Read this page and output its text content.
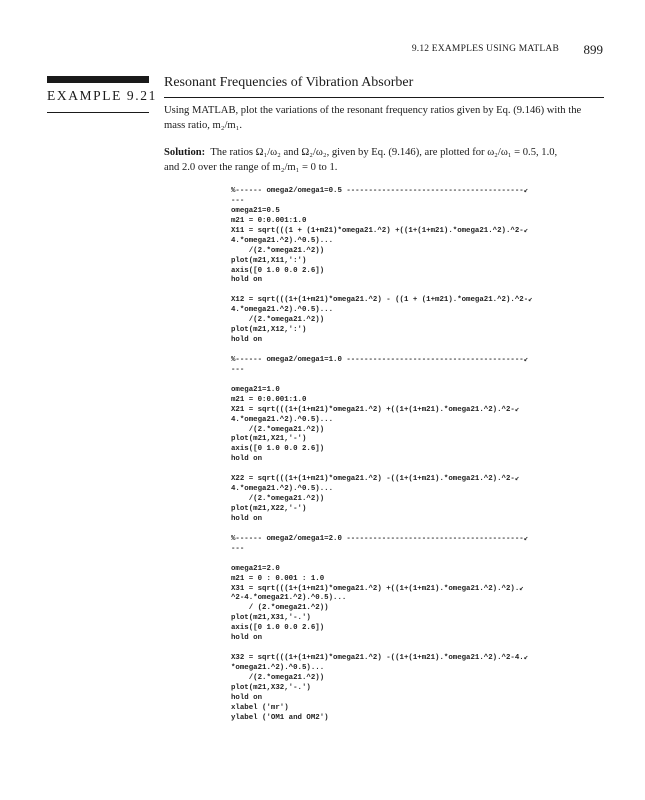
9.12 EXAMPLES USING MATLAB 899
EXAMPLE 9.21
Resonant Frequencies of Vibration Absorber
Using MATLAB, plot the variations of the resonant frequency ratios given by Eq. (9.146) with the
mass ratio, m₂/m₁.
Solution: The ratios Ω₁/ω₂ and Ω₂/ω₂, given by Eq. (9.146), are plotted for ω₂/ω₁ = 0.5, 1.0,
and 2.0 over the range of m₂/m₁ = 0 to 1.
%------ omega2/omega1=0.5 ----------------------------------------↙
---
omega21=0.5
m21 = 0:0.001:1.0
X11 = sqrt(((1 + (1+m21)*omega21.^2) +((1+(1+m21).*omega21.^2).^2-↙
4.*omega21.^2).^0.5)...
/(2.*omega21.^2))
plot(m21,X11,':')
axis([0 1.0 0.0 2.6])
hold on
X12 = sqrt(((1+(1+m21)*omega21.^2) - ((1 + (1+m21).*omega21.^2).^2-↙
4.*omega21.^2).^0.5)...
/(2.*omega21.^2))
plot(m21,X12,':')
hold on
%------ omega2/omega1=1.0 ----------------------------------------↙
---
omega21=1.0
m21 = 0:0.001:1.0
X21 = sqrt(((1+(1+m21)*omega21.^2) +((1+(1+m21).*omega21.^2).^2-↙
4.*omega21.^2).^0.5)...
/(2.*omega21.^2))
plot(m21,X21,'-')
axis([0 1.0 0.0 2.6])
hold on
X22 = sqrt(((1+(1+m21)*omega21.^2) -((1+(1+m21).*omega21.^2).^2-↙
4.*omega21.^2).^0.5)...
/(2.*omega21.^2))
plot(m21,X22,'-')
hold on
%------ omega2/omega1=2.0 ----------------------------------------↙
---
omega21=2.0
m21 = 0 : 0.001 : 1.0
X31 = sqrt(((1+(1+m21)*omega21.^2) +((1+(1+m21).*omega21.^2).^2).↙
^2-4.*omega21.^2).^0.5)...
/ (2.*omega21.^2))
plot(m21,X31,'-.')
axis([0 1.0 0.0 2.6])
hold on
X32 = sqrt(((1+(1+m21)*omega21.^2) -((1+(1+m21).*omega21.^2).^2-4.↙
*omega21.^2).^0.5)...
/(2.*omega21.^2))
plot(m21,X32,'-.')
hold on
xlabel ('mr')
ylabel ('OM1 and OM2')
